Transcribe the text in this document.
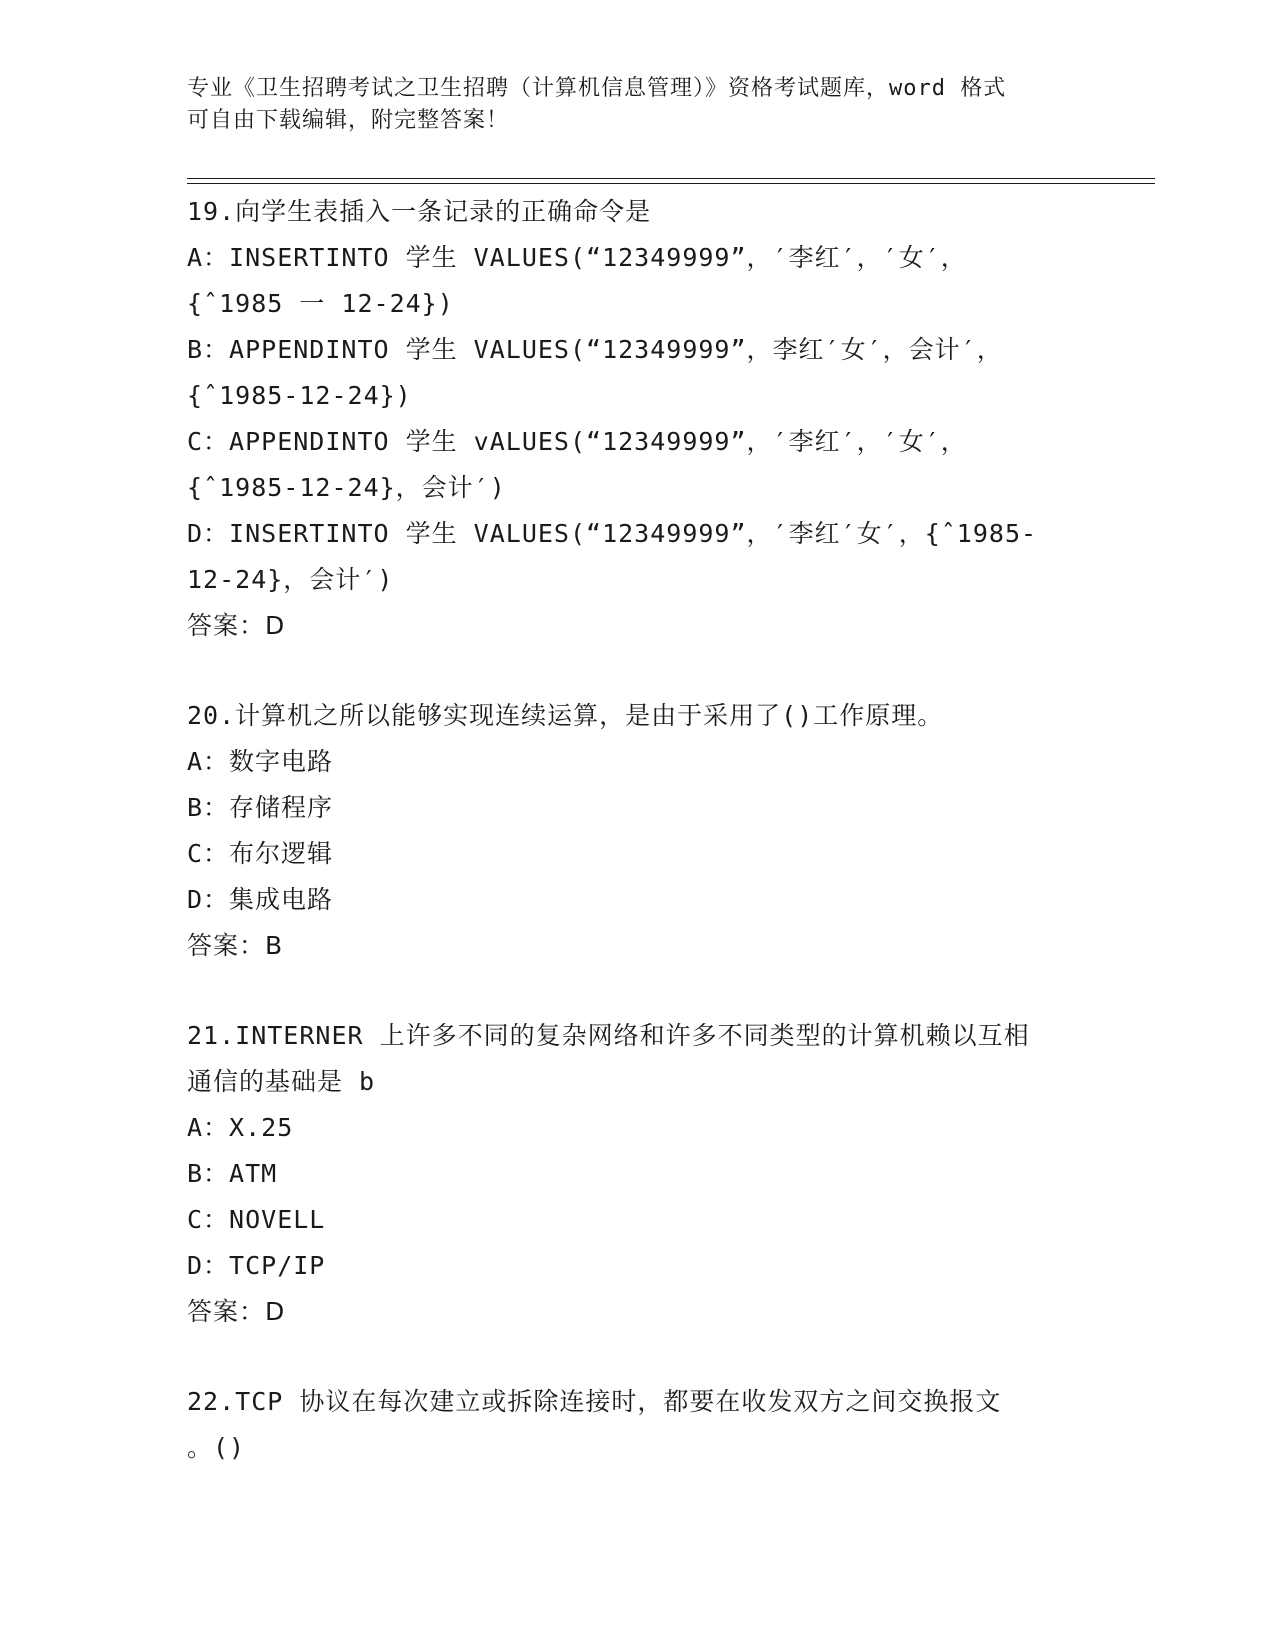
专业《卫生招聘考试之卫生招聘（计算机信息管理）》资格考试题库，word 格式
可自由下载编辑，附完整答案！
19.向学生表插入一条记录的正确命令是
A：INSERTINTO 学生 VALUES(“12349999”，′李红′，′女′，
{ˆ1985 一 12-24})
B：APPENDINTO 学生 VALUES(“12349999”，李红′女′，会计′，
{ˆ1985-12-24})
C：APPENDINTO 学生 vALUES(“12349999”，′李红′，′女′，
{ˆ1985-12-24}，会计′)
D：INSERTINTO 学生 VALUES(“12349999”，′李红′女′，{ˆ1985-
12-24}，会计′)
答案：D
20.计算机之所以能够实现连续运算，是由于采用了()工作原理。
A：数字电路
B：存储程序
C：布尔逻辑
D：集成电路
答案：B
21.INTERNER 上许多不同的复杂网络和许多不同类型的计算机赖以互相
通信的基础是 b
A：X.25
B：ATM
C：NOVELL
D：TCP/IP
答案：D
22.TCP 协议在每次建立或拆除连接时，都要在收发双方之间交换报文
。()
